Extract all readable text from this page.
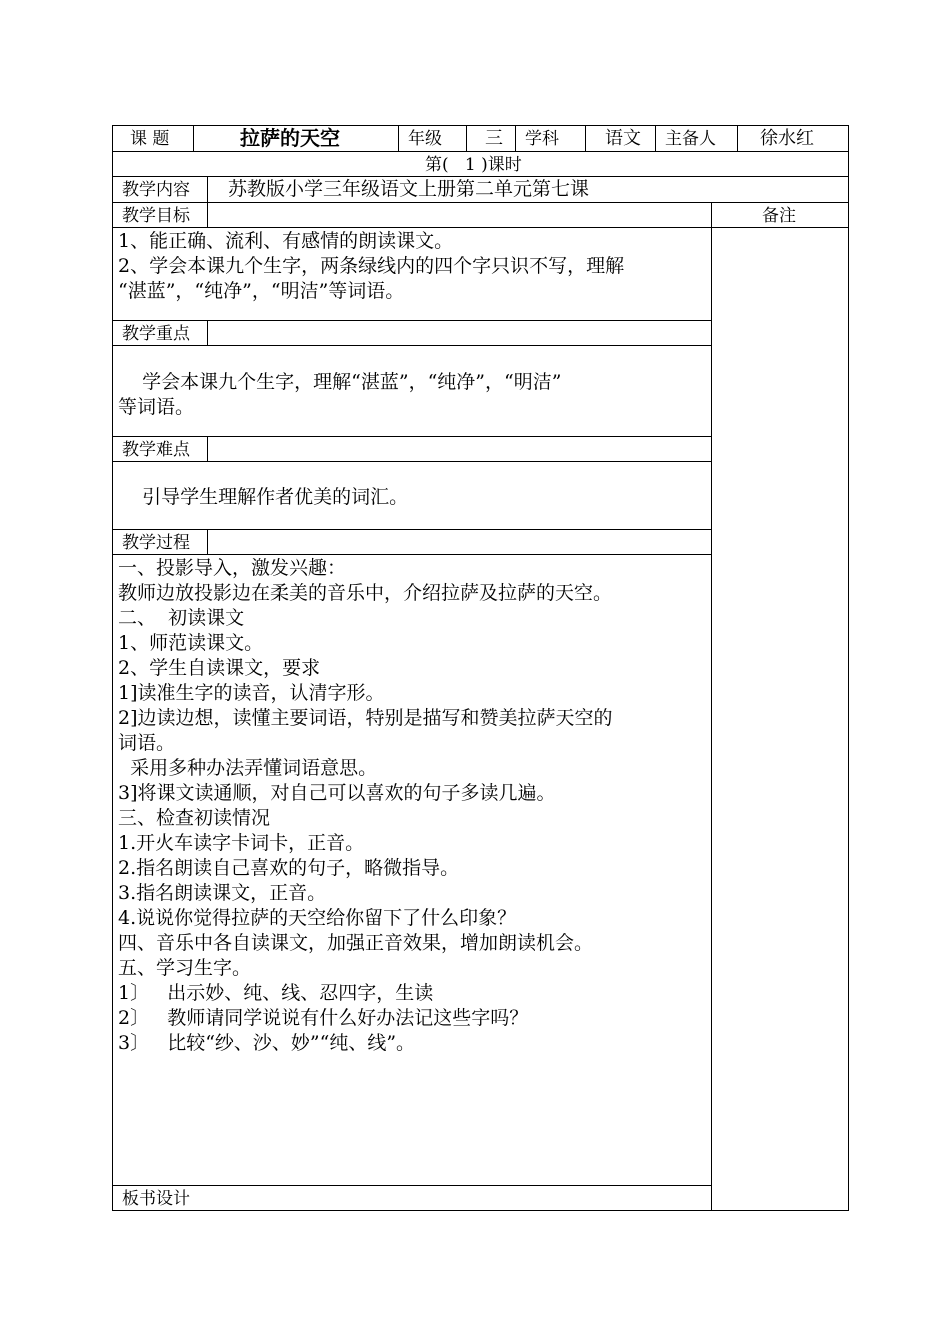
课 题	拉萨的天空	年级 三 学科	语文 主备人 徐水红
第(   1 )课时
教学内容 苏教版小学三年级语文上册第二单元第七课
教学目标	备注
1、能正确、流利、有感情的朗读课文。
2、学会本课九个生字，两条绿线内的四个字只识不写，理解
“湛蓝”，“纯净”，“明洁”等词语。
教学重点
学会本课九个生字，理解“湛蓝”，“纯净”，“明洁”
等词语。
教学难点
引导学生理解作者优美的词汇。
教学过程
一、投影导入，激发兴趣：
教师边放投影边在柔美的音乐中，介绍拉萨及拉萨的天空。
二、  初读课文
1、师范读课文。
2、学生自读课文，要求
1]读准生字的读音，认清字形。
2]边读边想，读懂主要词语，特别是描写和赞美拉萨天空的
词语。
采用多种办法弄懂词语意思。
3]将课文读通顺，对自己可以喜欢的句子多读几遍。
三、检查初读情况
1.开火车读字卡词卡，正音。
2.指名朗读自己喜欢的句子，略微指导。
3.指名朗读课文，正音。
4.说说你觉得拉萨的天空给你留下了什么印象？
四、音乐中各自读课文，加强正音效果，增加朗读机会。
五、学习生字。
1〕   出示妙、纯、线、忍四字，生读
2〕   教师请同学说说有什么好办法记这些字吗？
3〕   比较“纱、沙、妙”“纯、线”。
板书设计
